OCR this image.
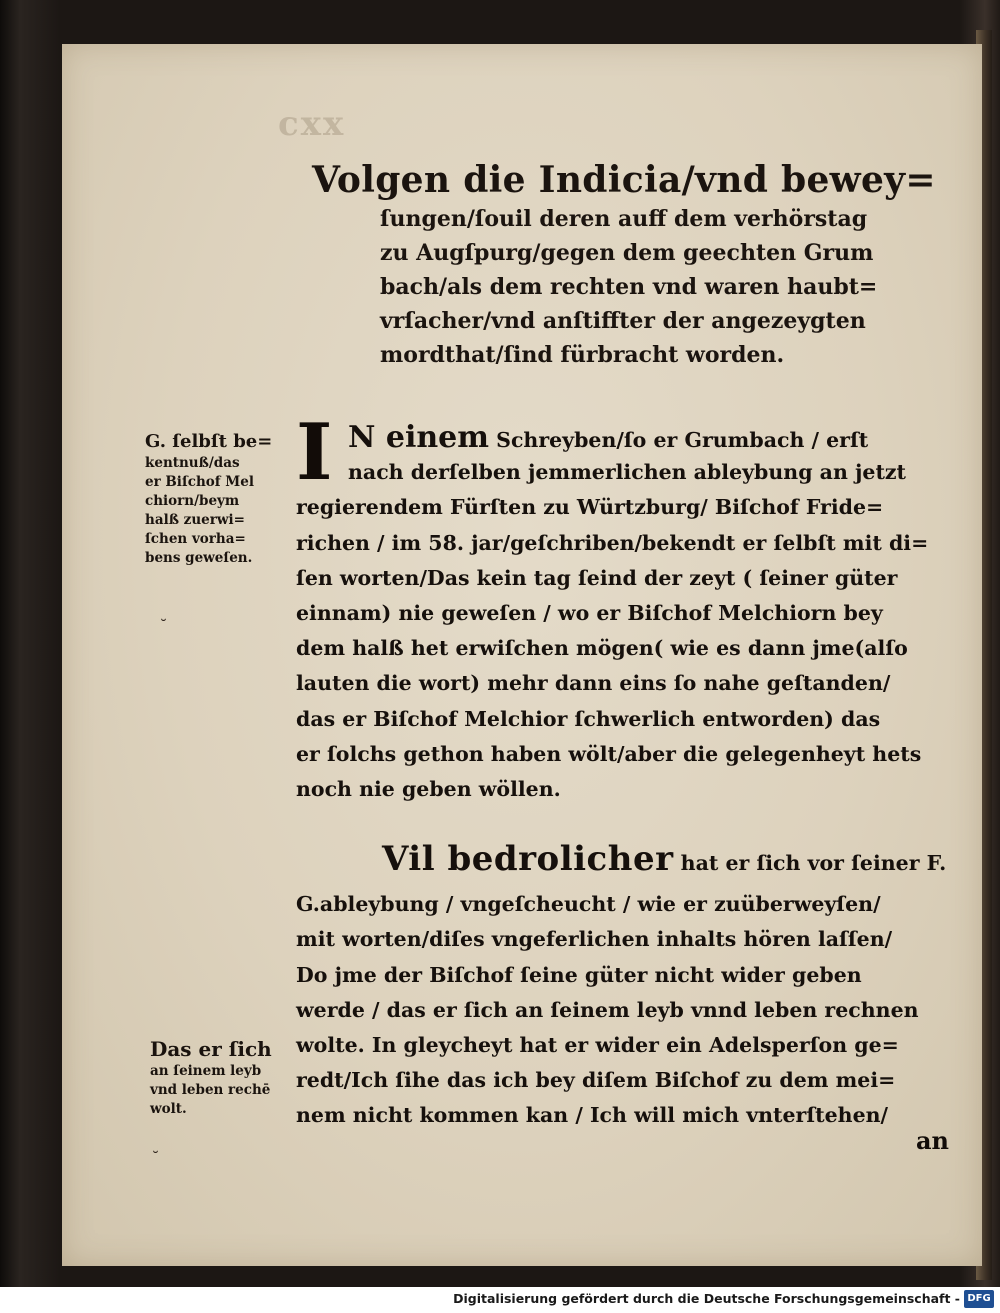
cxx
Volgen die Indicia/vnd bewey=
ſungen/ſouil deren auff dem verhörstag
zu Augſpurg/gegen dem geechten Grum
bach/als dem rechten vnd waren haubt=
vrſacher/vnd anſtiffter der angezeygten
mordthat/ſind fürbracht worden.
I N einem Schreyben/ſo er Grumbach / erſt
nach derſelben jemmerlichen ableybung an jetzt
regierendem Fürſten zu Würtzburg/ Biſchof Fride=
richen / im 58. jar/geſchriben/bekendt er ſelbſt mit di=
ſen worten/Das kein tag ſeind der zeyt ( ſeiner güter
einnam) nie geweſen / wo er Biſchof Melchiorn bey
dem halß het erwiſchen mögen( wie es dann jme(alſo
lauten die wort) mehr dann eins ſo nahe geſtanden/
das er Biſchof Melchior ſchwerlich entworden) das
er ſolchs gethon haben wölt/aber die gelegenheyt hets
noch nie geben wöllen.
Vil bedrolicher hat er ſich vor ſeiner F.
G.ableybung / vngeſcheucht / wie er zuüberweyſen/
mit worten/diſes vngeferlichen inhalts hören laſſen/
Do jme der Biſchof ſeine güter nicht wider geben
werde / das er ſich an ſeinem leyb vnnd leben rechnen
wolte. In gleycheyt hat er wider ein Adelsperſon ge=
redt/Ich ſihe das ich bey diſem Biſchof zu dem mei=
nem nicht kommen kan / Ich will mich vnterſtehen/
an
G. ſelbſt be=
kentnuß/das
er Biſchof Mel
chiorn/beym
halß zuerwi=
ſchen vorha=
bens geweſen.
˘
Das er ſich
an ſeinem leyb
vnd leben rechē
wolt.
˘
Digitalisierung gefördert durch die Deutsche Forschungsgemeinschaft - DFG
